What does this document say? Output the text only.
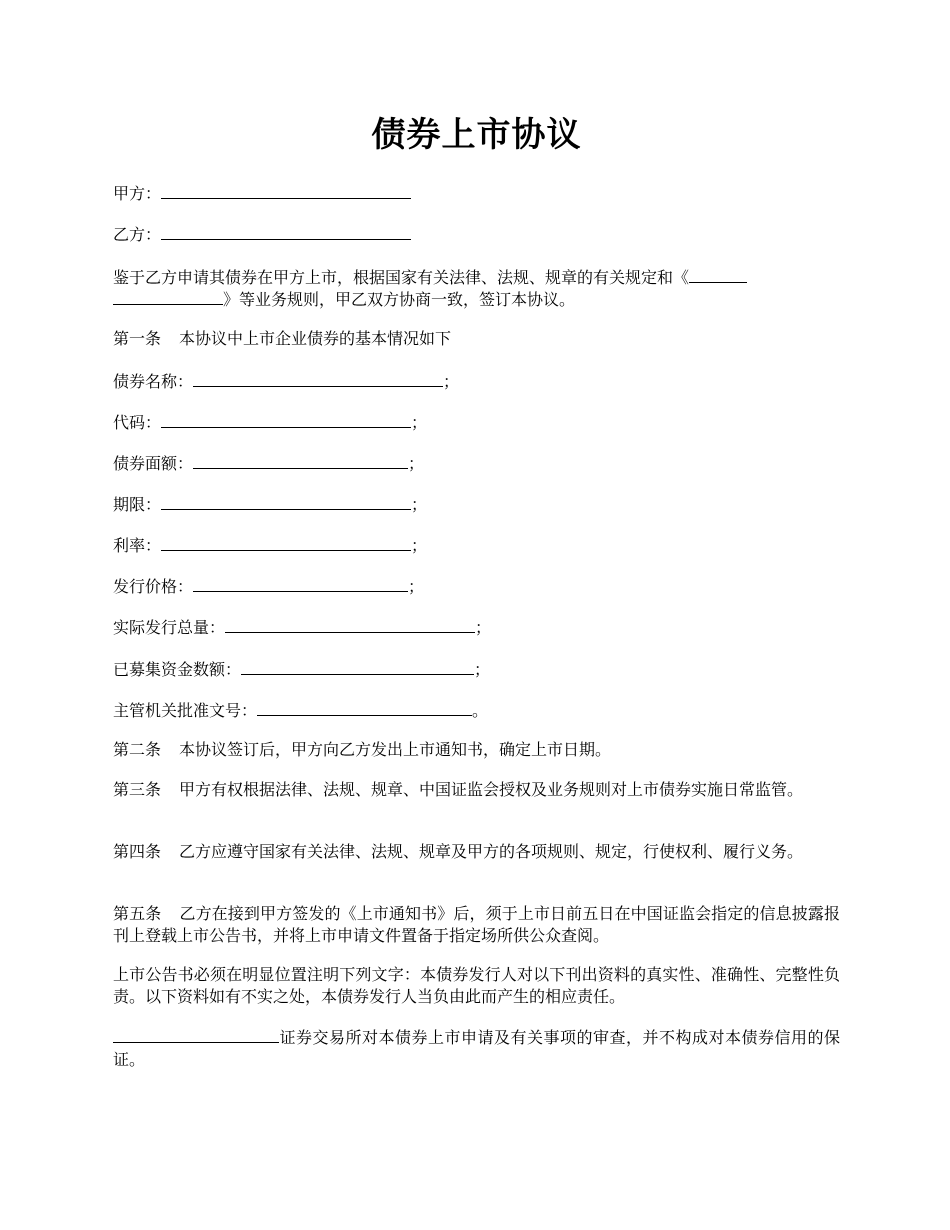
债券上市协议
甲方：
乙方：
鉴于乙方申请其债券在甲方上市，根据国家有关法律、法规、规章的有关规定和《
》等业务规则，甲乙双方协商一致，签订本协议。
第一条 本协议中上市企业债券的基本情况如下
债券名称：	；
代码：	；
债券面额：	；
期限：	；
利率：	；
发行价格：	；
实际发行总量：	；
已募集资金数额：	；
主管机关批准文号：	。
第二条 本协议签订后，甲方向乙方发出上市通知书，确定上市日期。
第三条 甲方有权根据法律、法规、规章、中国证监会授权及业务规则对上市债券实施日常监管。
第四条 乙方应遵守国家有关法律、法规、规章及甲方的各项规则、规定，行使权利、履行义务。
第五条 乙方在接到甲方签发的《上市通知书》后，须于上市日前五日在中国证监会指定的信息披露报刊上登载上市公告书，并将上市申请文件置备于指定场所供公众查阅。
上市公告书必须在明显位置注明下列文字：本债券发行人对以下刊出资料的真实性、准确性、完整性负责。以下资料如有不实之处，本债券发行人当负由此而产生的相应责任。
证券交易所对本债券上市申请及有关事项的审查，并不构成对本债券信用的保证。
